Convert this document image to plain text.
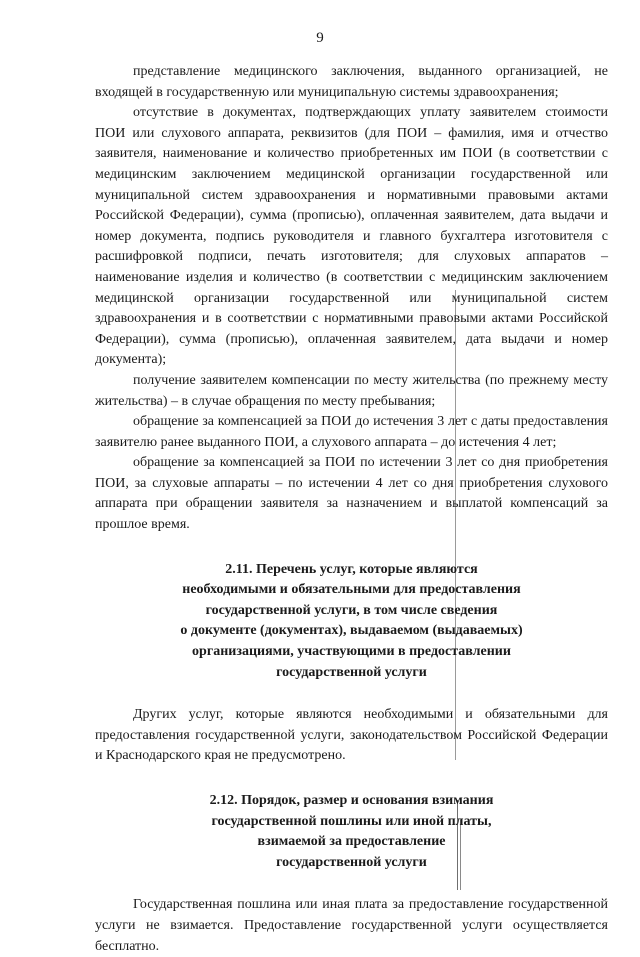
9

представление медицинского заключения, выданного организацией, не входящей в государственную или муниципальную системы здравоохранения;

отсутствие в документах, подтверждающих уплату заявителем стоимости ПОИ или слухового аппарата, реквизитов (для ПОИ – фамилия, имя и отчество заявителя, наименование и количество приобретенных им ПОИ (в соответствии с медицинским заключением медицинской организации государственной или муниципальной систем здравоохранения и нормативными правовыми актами Российской Федерации), сумма (прописью), оплаченная заявителем, дата выдачи и номер документа, подпись руководителя и главного бухгалтера изготовителя с расшифровкой подписи, печать изготовителя; для слуховых аппаратов – наименование изделия и количество (в соответствии с медицинским заключением медицинской организации государственной или муниципальной систем здравоохранения и в соответствии с нормативными правовыми актами Российской Федерации), сумма (прописью), оплаченная заявителем, дата выдачи и номер документа);

получение заявителем компенсации по месту жительства (по прежнему месту жительства) – в случае обращения по месту пребывания;

обращение за компенсацией за ПОИ до истечения 3 лет с даты предоставления заявителю ранее выданного ПОИ, а слухового аппарата – до истечения 4 лет;

обращение за компенсацией за ПОИ по истечении 3 лет со дня приобретения ПОИ, за слуховые аппараты – по истечении 4 лет со дня приобретения слухового аппарата при обращении заявителя за назначением и выплатой компенсаций за прошлое время.

2.11. Перечень услуг, которые являются
необходимыми и обязательными для предоставления
государственной услуги, в том числе сведения
о документе (документах), выдаваемом (выдаваемых)
организациями, участвующими в предоставлении
государственной услуги

Других услуг, которые являются необходимыми и обязательными для предоставления государственной услуги, законодательством Российской Федерации и Краснодарского края не предусмотрено.

2.12. Порядок, размер и основания взимания
государственной пошлины или иной платы,
взимаемой за предоставление
государственной услуги

Государственная пошлина или иная плата за предоставление государственной услуги не взимается. Предоставление государственной услуги осуществляется бесплатно.
